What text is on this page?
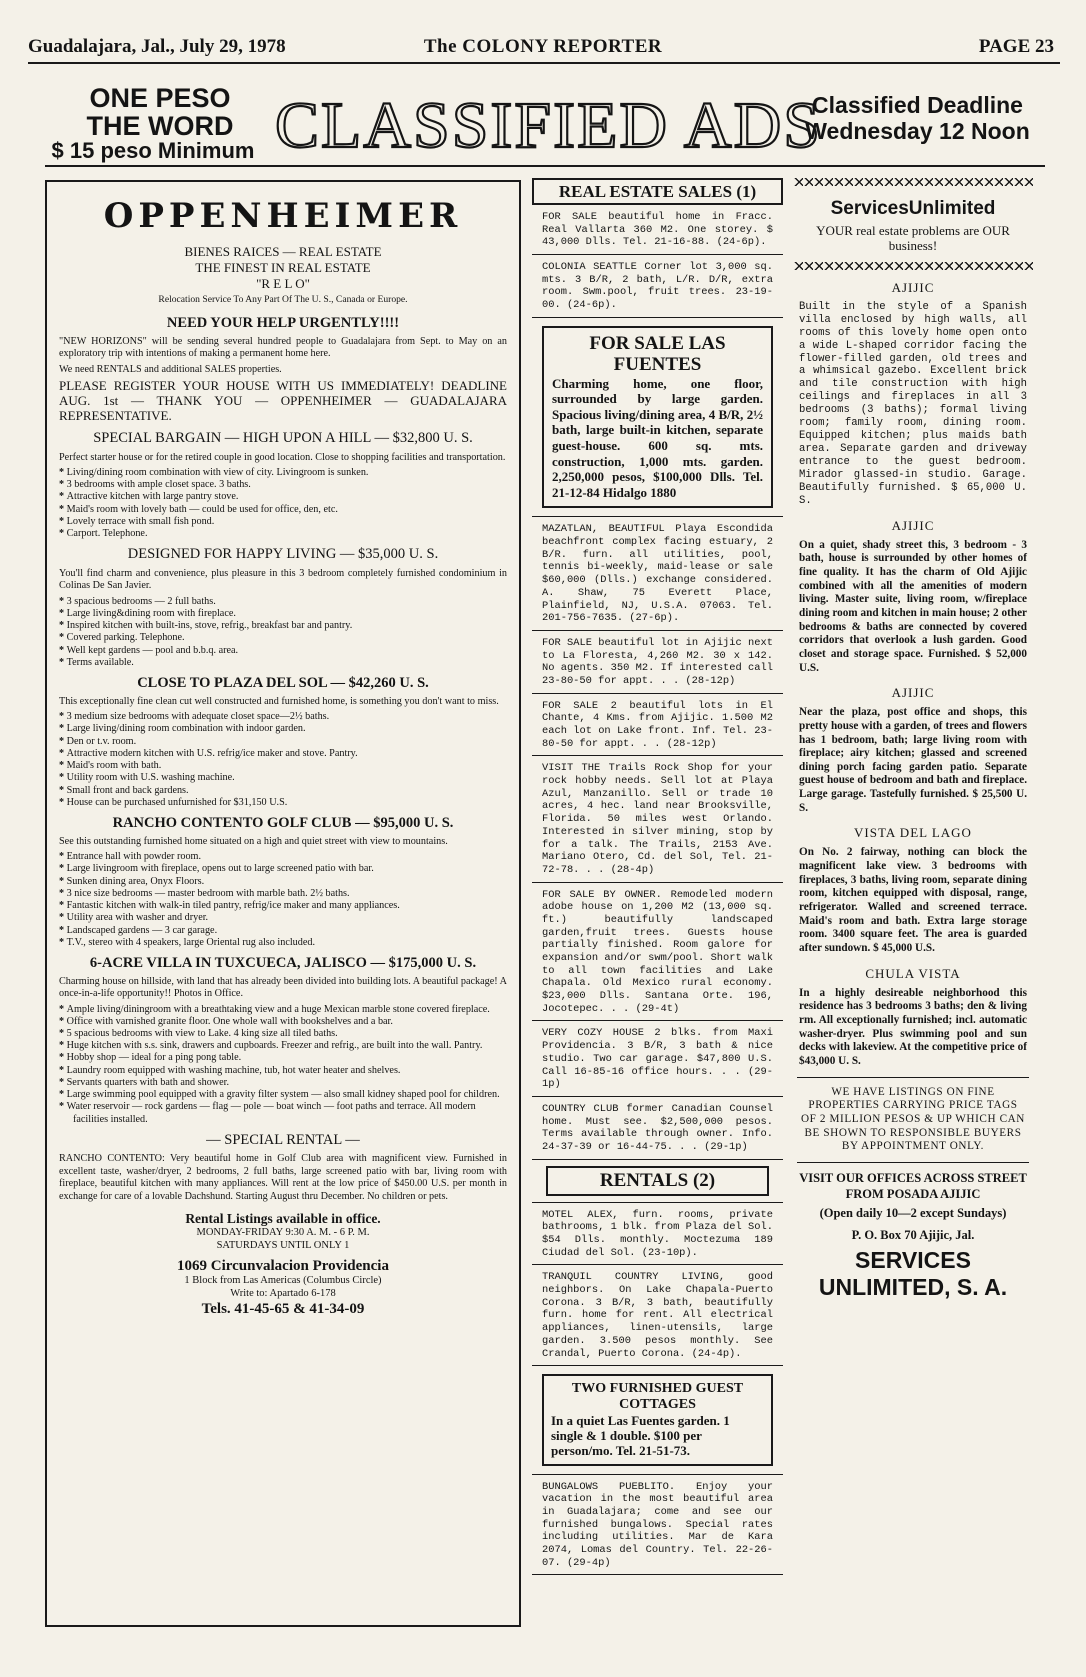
Guadalajara, Jal., July 29, 1978	The COLONY REPORTER	PAGE 23
ONE PESO
THE WORD
$ 15 peso Minimum CLASSIFIED ADS
Classified Deadline
Wednesday 12 Noon
OPPENHEIMER
BIENES RAICES — REAL ESTATE
THE FINEST IN REAL ESTATE
"R E L O"
Relocation Service To Any Part Of The U. S., Canada or Europe.
NEED YOUR HELP URGENTLY!!!!
"NEW HORIZONS" will be sending several hundred people to Guadalajara from Sept. to May on an exploratory trip with intentions of making a permanent home here.
We need RENTALS and additional SALES properties.
PLEASE REGISTER YOUR HOUSE WITH US IMMEDIATELY! DEADLINE AUG. 1st — THANK YOU — OPPENHEIMER — GUADALAJARA REPRESENTATIVE.
SPECIAL BARGAIN — HIGH UPON A HILL — $32,800 U. S.
Perfect starter house or for the retired couple in good location. Close to shopping facilities and transportation.
* Living/dining room combination with view of city. Livingroom is sunken.
* 3 bedrooms with ample closet space. 3 baths.
* Attractive kitchen with large pantry stove.
* Maid's room with lovely bath — could be used for office, den, etc.
* Lovely terrace with small fish pond.
* Carport. Telephone.
DESIGNED FOR HAPPY LIVING — $35,000 U. S.
You'll find charm and convenience, plus pleasure in this 3 bedroom completely furnished condominium in Colinas De San Javier.
* 3 spacious bedrooms — 2 full baths.
* Large living&dining room with fireplace.
* Inspired kitchen with built-ins, stove, refrig., breakfast bar and pantry.
* Covered parking. Telephone.
* Well kept gardens — pool and b.b.q. area.
* Terms available.
CLOSE TO PLAZA DEL SOL — $42,260 U. S.
This exceptionally fine clean cut well constructed and furnished home, is something you don't want to miss.
* 3 medium size bedrooms with adequate closet space—2½ baths.
* Large living/dining room combination with indoor garden.
* Den or t.v. room.
* Attractive modern kitchen with U.S. refrig/ice maker and stove. Pantry.
* Maid's room with bath.
* Utility room with U.S. washing machine.
* Small front and back gardens.
* House can be purchased unfurnished for $31,150 U.S.
RANCHO CONTENTO GOLF CLUB — $95,000 U. S.
See this outstanding furnished home situated on a high and quiet street with view to mountains.
* Entrance hall with powder room.
* Large livingroom with fireplace, opens out to large screened patio with bar.
* Sunken dining area, Onyx Floors.
* 3 nice size bedrooms — master bedroom with marble bath. 2½ baths.
* Fantastic kitchen with walk-in tiled pantry, refrig/ice maker and many appliances.
* Utility area with washer and dryer.
* Landscaped gardens — 3 car garage.
* T.V., stereo with 4 speakers, large Oriental rug also included.
6-ACRE VILLA IN TUXCUECA, JALISCO — $175,000 U. S.
Charming house on hillside, with land that has already been divided into building lots. A beautiful package! A once-in-a-life opportunity!! Photos in Office.
* Ample living/diningroom with a breathtaking view and a huge Mexican marble stone covered fireplace.
* Office with varnished granite floor. One whole wall with bookshelves and a bar.
* 5 spacious bedrooms with view to Lake. 4 king size all tiled baths.
* Huge kitchen with s.s. sink, drawers and cupboards. Freezer and refrig., are built into the wall. Pantry.
* Hobby shop — ideal for a ping pong table.
* Laundry room equipped with washing machine, tub, hot water heater and shelves.
* Servants quarters with bath and shower.
* Large swimming pool equipped with a gravity filter system — also small kidney shaped pool for children.
* Water reservoir — rock gardens — flag — pole — boat winch — foot paths and terrace. All modern facilities installed.
— SPECIAL RENTAL —
RANCHO CONTENTO: Very beautiful home in Golf Club area with magnificent view. Furnished in excellent taste, washer/dryer, 2 bedrooms, 2 full baths, large screened patio with bar, living room with fireplace, beautiful kitchen with many appliances. Will rent at the low price of $450.00 U.S. per month in exchange for care of a lovable Dachshund. Starting August thru December. No children or pets.
Rental Listings available in office.
MONDAY-FRIDAY 9:30 A. M. - 6 P. M.
SATURDAYS UNTIL ONLY 1
1069 Circunvalacion Providencia
1 Block from Las Americas (Columbus Circle)
Write to: Apartado 6-178
Tels. 41-45-65 & 41-34-09
REAL ESTATE SALES (1)
FOR SALE beautiful home in Fracc. Real Vallarta 360 M2. One storey. $ 43,000 Dlls. Tel. 21-16-88. (24-6p).
COLONIA SEATTLE Corner lot 3,000 sq. mts. 3 B/R, 2 bath, L/R. D/R, extra room. Swm.pool, fruit trees. 23-19-00. (24-6p).
FOR SALE LAS FUENTES
Charming home, one floor, surrounded by large garden. Spacious living/dining area, 4 B/R, 2½ bath, large built-in kitchen, separate guest-house. 600 sq. mts. construction, 1,000 mts. garden. 2,250,000 pesos, $100,000 Dlls. Tel. 21-12-84 Hidalgo 1880
MAZATLAN, BEAUTIFUL Playa Escondida beachfront complex facing estuary, 2 B/R. furn. all utilities, pool, tennis bi-weekly, maid-lease or sale $60,000 (Dlls.) exchange considered. A. Shaw, 75 Everett Place, Plainfield, NJ, U.S.A. 07063. Tel. 201-756-7635. (27-6p).
FOR SALE beautiful lot in Ajijic next to La Floresta, 4,260 M2. 30 x 142. No agents. 350 M2. If interested call 23-80-50 for appt. . . (28-12p)
FOR SALE 2 beautiful lots in El Chante, 4 Kms. from Ajijic. 1.500 M2 each lot on Lake front. Inf. Tel. 23-80-50 for appt. . . (28-12p)
VISIT THE Trails Rock Shop for your rock hobby needs. Sell lot at Playa Azul, Manzanillo. Sell or trade 10 acres, 4 hec. land near Brooksville, Florida. 50 miles west Orlando. Interested in silver mining, stop by for a talk. The Trails, 2153 Ave. Mariano Otero, Cd. del Sol, Tel. 21-72-78. . . (28-4p)
FOR SALE BY OWNER. Remodeled modern adobe house on 1,200 M2 (13,000 sq. ft.) beautifully landscaped garden,fruit trees. Guests house partially finished. Room galore for expansion and/or swm/pool. Short walk to all town facilities and Lake Chapala. Old Mexico rural economy. $23,000 Dlls. Santana Orte. 196, Jocotepec. . . (29-4t)
VERY COZY HOUSE 2 blks. from Maxi Providencia. 3 B/R, 3 bath & nice studio. Two car garage. $47,800 U.S. Call 16-85-16 office hours. . . (29-1p)
COUNTRY CLUB former Canadian Counsel home. Must see. $2,500,000 pesos. Terms available through owner. Info. 24-37-39 or 16-44-75. . . (29-1p)
RENTALS (2)
MOTEL ALEX, furn. rooms, private bathrooms, 1 blk. from Plaza del Sol. $54 Dlls. monthly. Moctezuma 189 Ciudad del Sol. (23-10p).
TRANQUIL COUNTRY LIVING, good neighbors. On Lake Chapala-Puerto Corona. 3 B/R, 3 bath, beautifully furn. home for rent. All electrical appliances, linen-utensils, large garden. 3.500 pesos monthly. See Crandal, Puerto Corona. (24-4p).
TWO FURNISHED GUEST COTTAGES
In a quiet Las Fuentes garden. 1 single & 1 double. $100 per person/mo. Tel. 21-51-73.
BUNGALOWS PUEBLITO. Enjoy your vacation in the most beautiful area in Guadalajara; come and see our furnished bungalows. Special rates including utilities. Mar de Kara 2074, Lomas del Country. Tel. 22-26-07. (29-4p)
ServicesUnlimited
YOUR real estate problems are OUR business!
AJIJIC
Built in the style of a Spanish villa enclosed by high walls, all rooms of this lovely home open onto a wide L-shaped corridor facing the flower-filled garden, old trees and a whimsical gazebo. Excellent brick and tile construction with high ceilings and fireplaces in all 3 bedrooms (3 baths); formal living room; family room, dining room. Equipped kitchen; plus maids bath area. Separate garden and driveway entrance to the guest bedroom. Mirador glassed-in studio. Garage. Beautifully furnished. $ 65,000 U. S.
AJIJIC
On a quiet, shady street this, 3 bedroom - 3 bath, house is surrounded by other homes of fine quality. It has the charm of Old Ajijic combined with all the amenities of modern living. Master suite, living room, w/fireplace dining room and kitchen in main house; 2 other bedrooms & baths are connected by covered corridors that overlook a lush garden. Good closet and storage space. Furnished. $ 52,000 U.S.
AJIJIC
Near the plaza, post office and shops, this pretty house with a garden, of trees and flowers has 1 bedroom, bath; large living room with fireplace; airy kitchen; glassed and screened dining porch facing garden patio. Separate guest house of bedroom and bath and fireplace. Large garage. Tastefully furnished. $ 25,500 U. S.
VISTA DEL LAGO
On No. 2 fairway, nothing can block the magnificent lake view. 3 bedrooms with fireplaces, 3 baths, living room, separate dining room, kitchen equipped with disposal, range, refrigerator. Walled and screened terrace. Maid's room and bath. Extra large storage room. 3400 square feet. The area is guarded after sundown. $ 45,000 U.S.
CHULA VISTA
In a highly desireable neighborhood this residence has 3 bedrooms 3 baths; den & living rm. All exceptionally furnished; incl. automatic washer-dryer. Plus swimming pool and sun decks with lakeview. At the competitive price of $43,000 U. S.
WE HAVE LISTINGS ON FINE PROPERTIES CARRYING PRICE TAGS OF 2 MILLION PESOS & UP WHICH CAN BE SHOWN TO RESPONSIBLE BUYERS BY APPOINTMENT ONLY.
VISIT OUR OFFICES ACROSS STREET FROM POSADA AJIJIC
(Open daily 10—2 except Sundays)
P. O. Box 70 Ajijic, Jal.
SERVICES
UNLIMITED, S. A.
